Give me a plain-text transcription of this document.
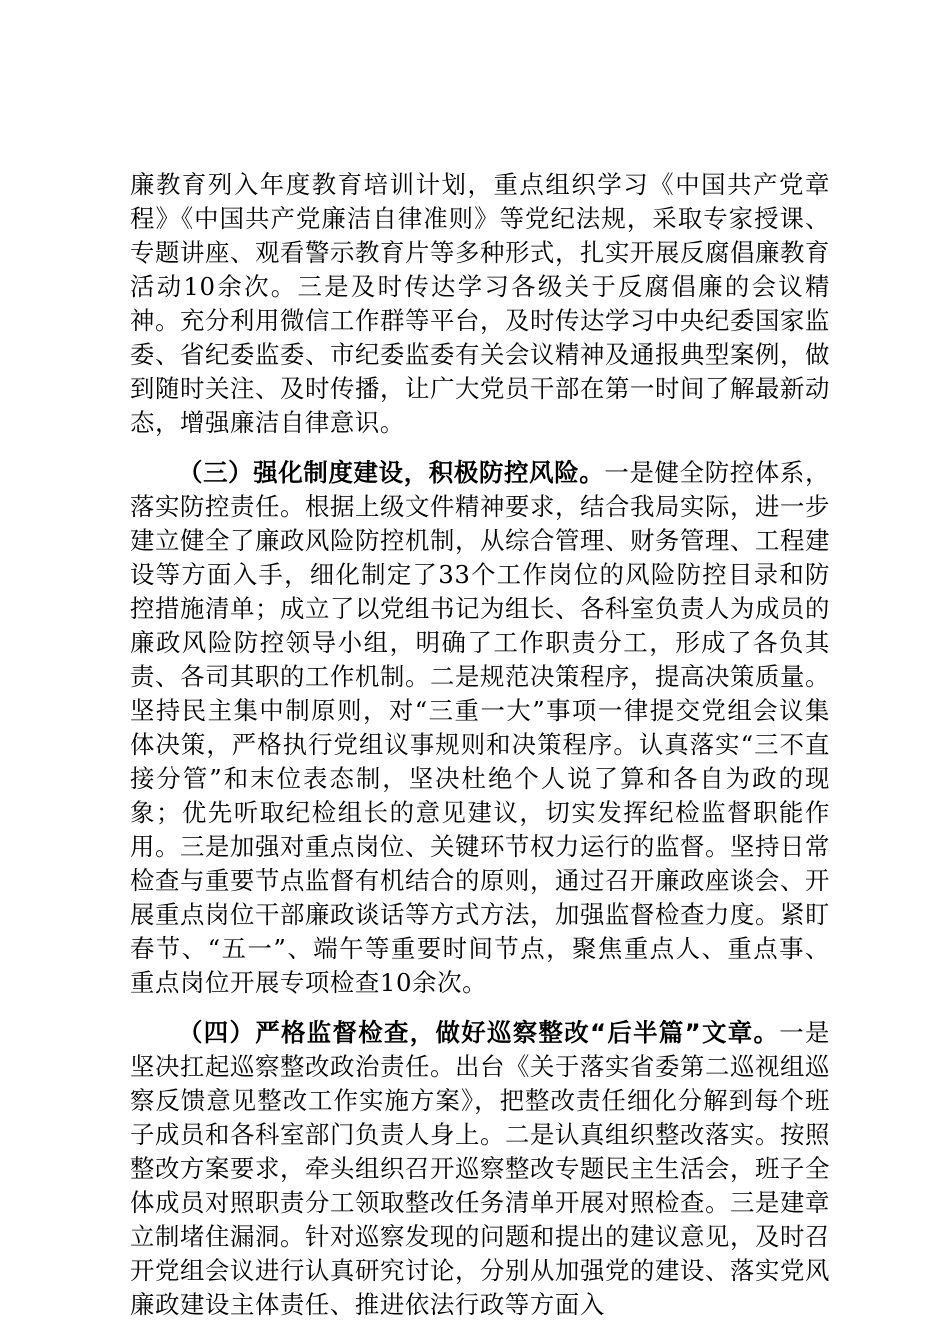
廉教育列入年度教育培训计划，重点组织学习《中国共产党章程》《中国共产党廉洁自律准则》等党纪法规，采取专家授课、专题讲座、观看警示教育片等多种形式，扎实开展反腐倡廉教育活动10余次。三是及时传达学习各级关于反腐倡廉的会议精神。充分利用微信工作群等平台，及时传达学习中央纪委国家监委、省纪委监委、市纪委监委有关会议精神及通报典型案例，做到随时关注、及时传播，让广大党员干部在第一时间了解最新动态，增强廉洁自律意识。

（三）强化制度建设，积极防控风险。一是健全防控体系，落实防控责任。根据上级文件精神要求，结合我局实际，进一步建立健全了廉政风险防控机制，从综合管理、财务管理、工程建设等方面入手，细化制定了33个工作岗位的风险防控目录和防控措施清单；成立了以党组书记为组长、各科室负责人为成员的廉政风险防控领导小组，明确了工作职责分工，形成了各负其责、各司其职的工作机制。二是规范决策程序，提高决策质量。坚持民主集中制原则，对“三重一大”事项一律提交党组会议集体决策，严格执行党组议事规则和决策程序。认真落实“三不直接分管”和末位表态制，坚决杜绝个人说了算和各自为政的现象；优先听取纪检组长的意见建议，切实发挥纪检监督职能作用。三是加强对重点岗位、关键环节权力运行的监督。坚持日常检查与重要节点监督有机结合的原则，通过召开廉政座谈会、开展重点岗位干部廉政谈话等方式方法，加强监督检查力度。紧盯春节、“五一”、端午等重要时间节点，聚焦重点人、重点事、重点岗位开展专项检查10余次。

（四）严格监督检查，做好巡察整改“后半篇”文章。一是坚决扛起巡察整改政治责任。出台《关于落实省委第二巡视组巡察反馈意见整改工作实施方案》，把整改责任细化分解到每个班子成员和各科室部门负责人身上。二是认真组织整改落实。按照整改方案要求，牵头组织召开巡察整改专题民主生活会，班子全体成员对照职责分工领取整改任务清单开展对照检查。三是建章立制堵住漏洞。针对巡察发现的问题和提出的建议意见，及时召开党组会议进行认真研究讨论，分别从加强党的建设、落实党风廉政建设主体责任、推进依法行政等方面入
